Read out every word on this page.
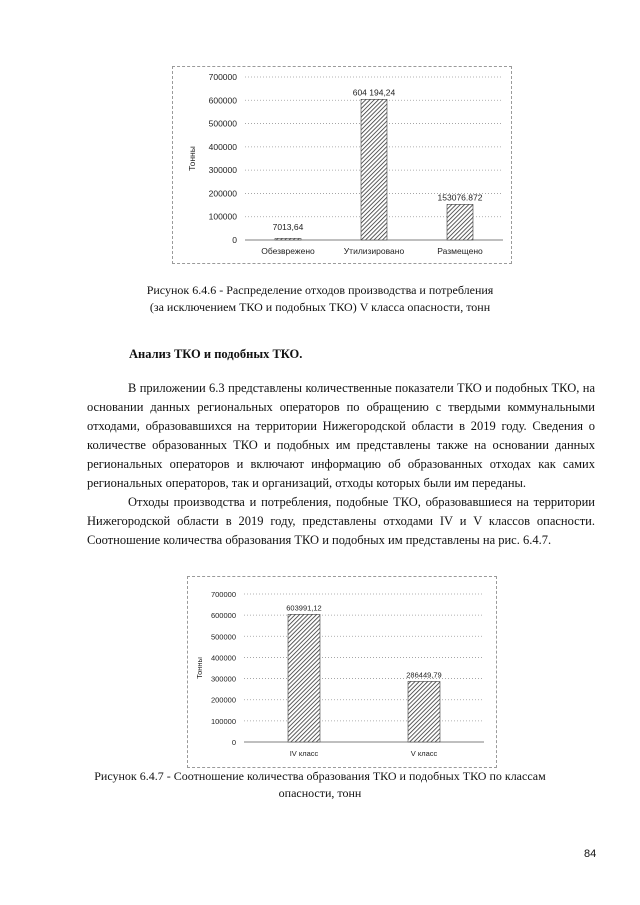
0
100000
200000
300000
400000
500000
600000
700000
Тонны
7013,64
Обезврежено
604 194,24
Утилизировано
153076.872
Размещено
Рисунок 6.4.6 - Распределение отходов производства и потребления
(за исключением ТКО и подобных ТКО) V класса опасности, тонн
Анализ ТКО и подобных ТКО.
В приложении 6.3 представлены количественные показатели ТКО и подобных ТКО, на основании данных региональных операторов по обращению с твердыми коммунальными отходами, образовавшихся на территории Нижегородской области в 2019 году. Сведения о количестве образованных ТКО и подобных им представлены также на основании данных региональных операторов и включают информацию об образованных отходах как самих региональных операторов, так и организаций, отходы которых были им переданы.
Отходы производства и потребления, подобные ТКО, образовавшиеся на территории Нижегородской области в 2019 году, представлены отходами IV и V классов опасности. Соотношение количества образования ТКО и подобных им представлены на рис. 6.4.7.
0
100000
200000
300000
400000
500000
600000
700000
Тонны
603991,12
IV класс
286449,79
V класс
Рисунок 6.4.7 - Соотношение количества образования ТКО и подобных ТКО по классам
опасности, тонн
84
